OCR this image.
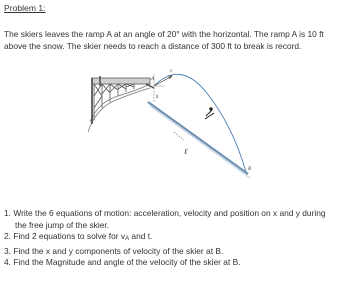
Problem 1:
The skiers leaves the ramp A at an angle of 20° with the horizontal. The ramp A is 10 ft
above the snow. The skier needs to reach a distance of 300 ft to break is record.
A
v
h
ℓ
B
1. Write the 6 equations of motion: acceleration, velocity and position on x and y during
the free jump of the skier.
2. Find 2 equations to solve for vA and t.
3. Find the x and y components of velocity of the skier at B.
4. Find the Magnitude and angle of the velocity of the skier at B.
